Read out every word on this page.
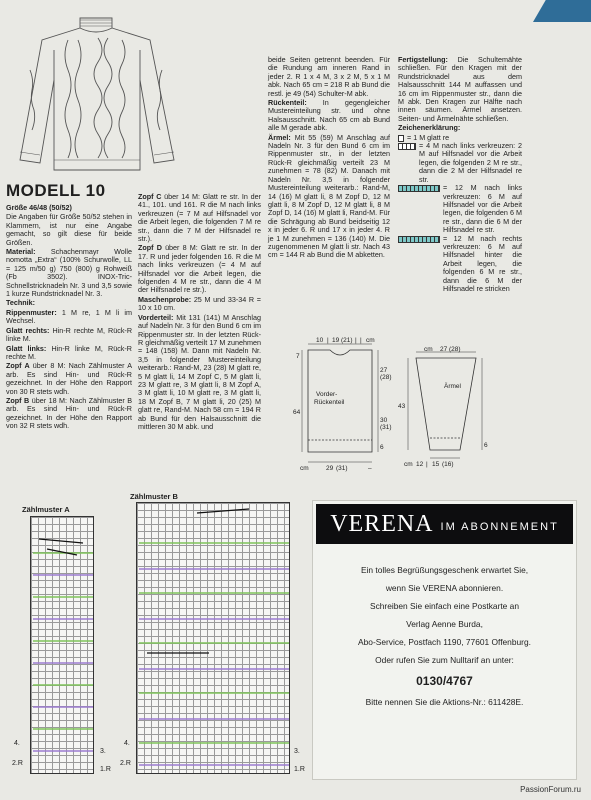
MODELL 10

Größe 46/48 (50/52)

Die Angaben für Größe 50/52 stehen in Klammern, ist nur eine Angabe gemacht, so gilt diese für beide Größen.

Material: Schachenmayr Wolle nomotta „Extra“ (100% Schurwolle, LL = 125 m/50 g) 750 (800) g Rohweiß (Fb 3502). INOX-Tric-Schnellstricknadeln Nr. 3 und 3,5 sowie 1 kurze Rundstricknadel Nr. 3.

Technik:

Rippenmuster: 1 M re, 1 M li im Wechsel.

Glatt rechts: Hin-R rechte M, Rück-R linke M.

Glatt links: Hin-R linke M, Rück-R rechte M.

Zopf A über 8 M: Nach Zählmuster A arb. Es sind Hin- und Rück-R gezeichnet. In der Höhe den Rapport von 30 R stets wdh.

Zopf B über 18 M: Nach Zählmuster B arb. Es sind Hin- und Rück-R gezeichnet. In der Höhe den Rapport von 32 R stets wdh.

Zopf C über 14 M: Glatt re str. In der 41., 101. und 161. R die M nach links verkreuzen (= 7 M auf Hilfsnadel vor die Arbeit legen, die folgenden 7 M re str., dann die 7 M der Hilfsnadel re str.).

Zopf D über 8 M: Glatt re str. In der 17. R und jeder folgenden 16. R die M nach links verkreuzen (= 4 M auf Hilfsnadel vor die Arbeit legen, die folgenden 4 M re str., dann die 4 M der Hilfsnadel re str.).

Maschenprobe: 25 M und 33-34 R = 10 x 10 cm.

Vorderteil: Mit 131 (141) M Anschlag auf Nadeln Nr. 3 für den Bund 6 cm im Rippenmuster str. In der letzten Rück-R gleichmäßig verteilt 17 M zunehmen = 148 (158) M. Dann mit Nadeln Nr. 3,5 in folgender Mustereinteilung weiterarb.: Rand-M, 23 (28) M glatt re, 5 M glatt li, 14 M Zopf C, 5 M glatt li, 23 M glatt re, 3 M glatt li, 8 M Zopf A, 3 M glatt li, 10 M glatt re, 3 M glatt li, 18 M Zopf B, 7 M glatt li, 20 (25) M glatt re, Rand-M. Nach 58 cm = 194 R ab Bund für den Halsausschnitt die mittleren 30 M abk. und

beide Seiten getrennt beenden. Für die Rundung am inneren Rand in jeder 2. R 1 x 4 M, 3 x 2 M, 5 x 1 M abk. Nach 65 cm = 218 R ab Bund die restl. je 49 (54) Schulter-M abk.

Rückenteil: In gegengleicher Mustereinteilung str. und ohne Halsausschnitt. Nach 65 cm ab Bund alle M gerade abk.

Ärmel: Mit 55 (59) M Anschlag auf Nadeln Nr. 3 für den Bund 6 cm im Rippenmuster str., in der letzten Rück-R gleichmäßig verteilt 23 M zunehmen = 78 (82) M. Danach mit Nadeln Nr. 3,5 in folgender Mustereinteilung weiterarb.: Rand-M, 14 (16) M glatt li, 8 M Zopf D, 12 M glatt li, 8 M Zopf D, 12 M glatt li, 8 M Zopf D, 14 (16) M glatt li, Rand-M. Für die Schrägung ab Bund beidseitig 12 x in jeder 6. R und 17 x in jeder 4. R je 1 M zunehmen = 136 (140) M. Die zugenommenen M glatt li str. Nach 43 cm = 144 R ab Bund die M abketten.

Fertigstellung: Die Schultemähte schließen. Für den Kragen mit der Rundstricknadel aus dem Halsausschnitt 144 M auffassen und 16 cm im Rippenmuster str., dann die M abk. Den Kragen zur Hälfte nach innen säumen. Ärmel ansetzen. Seiten- und Ärmelnähte schließen.

Zeichenerklärung:

= 1 M glatt re
= 4 M nach links verkreuzen: 2 M auf Hilfsnadel vor die Arbeit legen, die folgenden 2 M re str., dann die 2 M der Hilfsnadel re str.
= 12 M nach links verkreuzen: 6 M auf Hilfsnadel vor die Arbeit legen, die folgenden 6 M re str., dann die 6 M der Hilfsnadel re str.
= 12 M nach rechts verkreuzen: 6 M auf Hilfsnadel hinter die Arbeit legen, die folgenden 6 M re str., dann die 6 M der Hilfsnadel re stricken
10 | 19 (21) | | cm
7
64
Vorder-
Rückenteil
27
(28)
30
(31)
6
cm	29 (31)	–
cm 27 (28)
Ärmel
43
6
cm 12 | 15 (16)
Zählmuster A
4.
2.R
3.
1.R
Zählmuster B
4.
2.R
3.
1.R
VERENA IM ABONNEMENT
Ein tolles Begrüßungsgeschenk erwartet Sie,
wenn Sie VERENA abonnieren.
Schreiben Sie einfach eine Postkarte an
Verlag Aenne Burda,
Abo-Service, Postfach 1190, 77601 Offenburg.
Oder rufen Sie zum Nulltarif an unter:
0130/4767
Bitte nennen Sie die Aktions-Nr.: 611428E.
PassionForum.ru
